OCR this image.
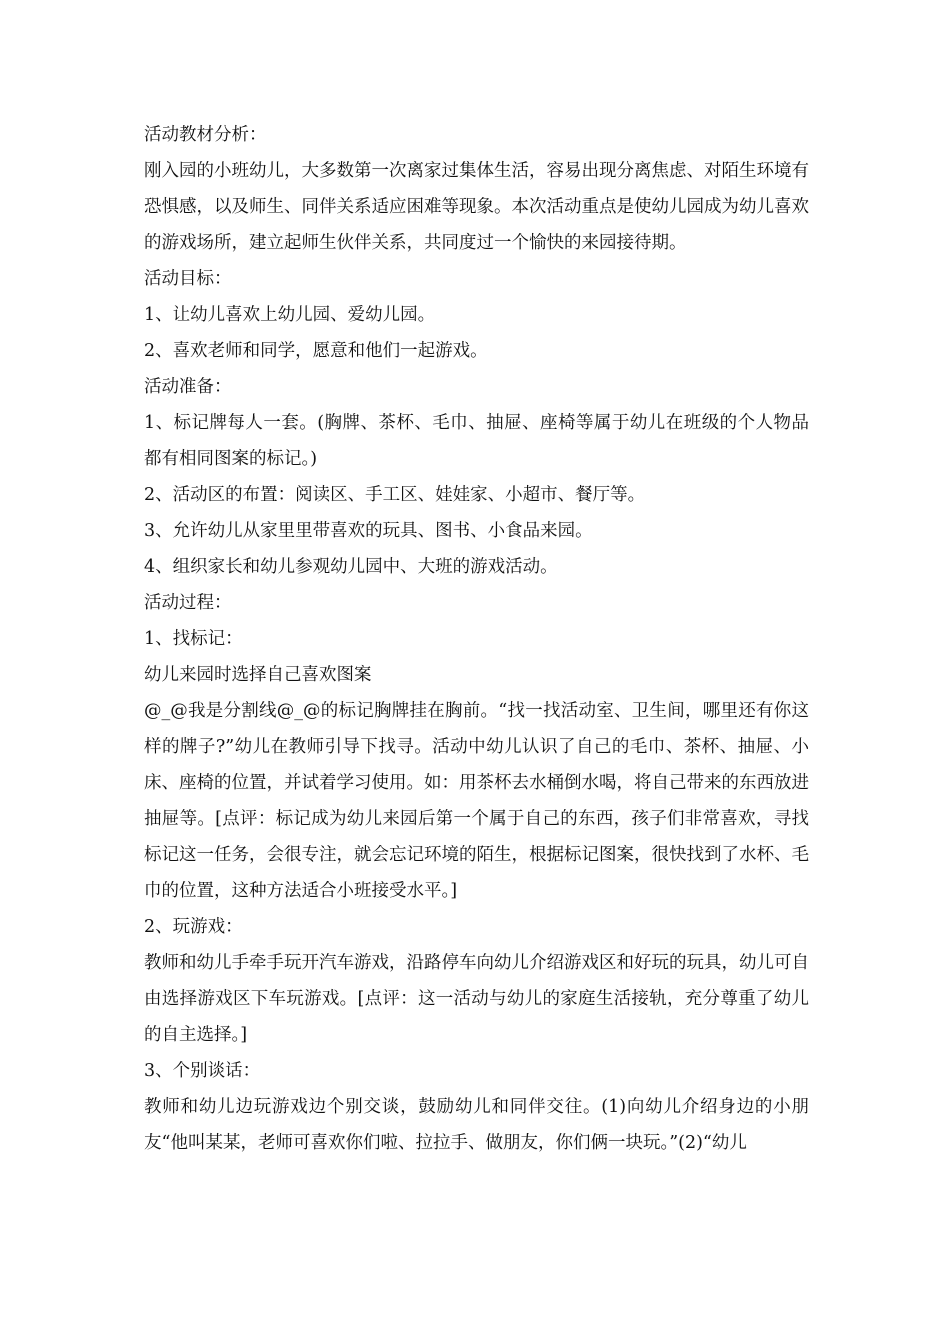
活动教材分析：

刚入园的小班幼儿，大多数第一次离家过集体生活，容易出现分离焦虑、对陌生环境有恐惧感，以及师生、同伴关系适应困难等现象。本次活动重点是使幼儿园成为幼儿喜欢的游戏场所，建立起师生伙伴关系，共同度过一个愉快的来园接待期。

活动目标：
1、让幼儿喜欢上幼儿园、爱幼儿园。
2、喜欢老师和同学，愿意和他们一起游戏。
活动准备：

1、标记牌每人一套。(胸牌、茶杯、毛巾、抽屉、座椅等属于幼儿在班级的个人物品都有相同图案的标记。)

2、活动区的布置：阅读区、手工区、娃娃家、小超市、餐厅等。
3、允许幼儿从家里里带喜欢的玩具、图书、小食品来园。
4、组织家长和幼儿参观幼儿园中、大班的游戏活动。
活动过程：
1、找标记：
幼儿来园时选择自己喜欢图案

@_@我是分割线@_@的标记胸牌挂在胸前。“找一找活动室、卫生间，哪里还有你这样的牌子?”幼儿在教师引导下找寻。活动中幼儿认识了自己的毛巾、茶杯、抽屉、小床、座椅的位置，并试着学习使用。如：用茶杯去水桶倒水喝，将自己带来的东西放进抽屉等。[点评：标记成为幼儿来园后第一个属于自己的东西，孩子们非常喜欢，寻找标记这一任务，会很专注，就会忘记环境的陌生，根据标记图案，很快找到了水杯、毛巾的位置，这种方法适合小班接受水平。]

2、玩游戏：

教师和幼儿手牵手玩开汽车游戏，沿路停车向幼儿介绍游戏区和好玩的玩具，幼儿可自由选择游戏区下车玩游戏。[点评：这一活动与幼儿的家庭生活接轨，充分尊重了幼儿的自主选择。]

3、个别谈话：

教师和幼儿边玩游戏边个别交谈，鼓励幼儿和同伴交往。(1)向幼儿介绍身边的小朋友“他叫某某，老师可喜欢你们啦、拉拉手、做朋友，你们俩一块玩。”(2)“幼儿
